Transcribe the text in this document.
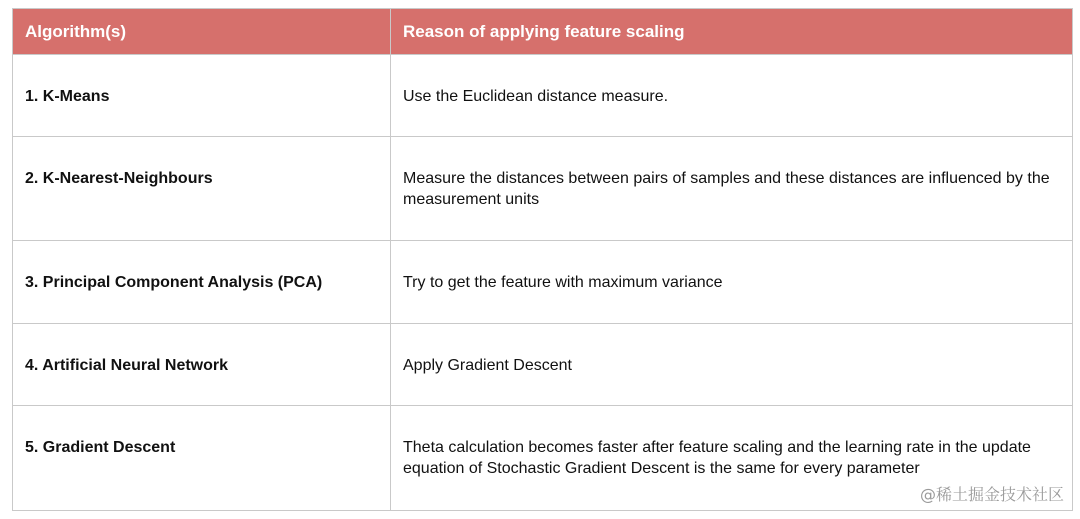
Algorithm(s)	Reason of applying feature scaling
1. K-Means	Use the Euclidean distance measure.
2. K-Nearest-Neighbours	Measure the distances between pairs of samples and these distances are influenced by the measurement units
3. Principal Component Analysis (PCA)	Try to get the feature with maximum variance
4. Artificial Neural Network	Apply Gradient Descent
5. Gradient Descent	Theta calculation becomes faster after feature scaling and the learning rate in the update equation of Stochastic Gradient Descent is the same for every parameter
@稀土掘金技术社区
